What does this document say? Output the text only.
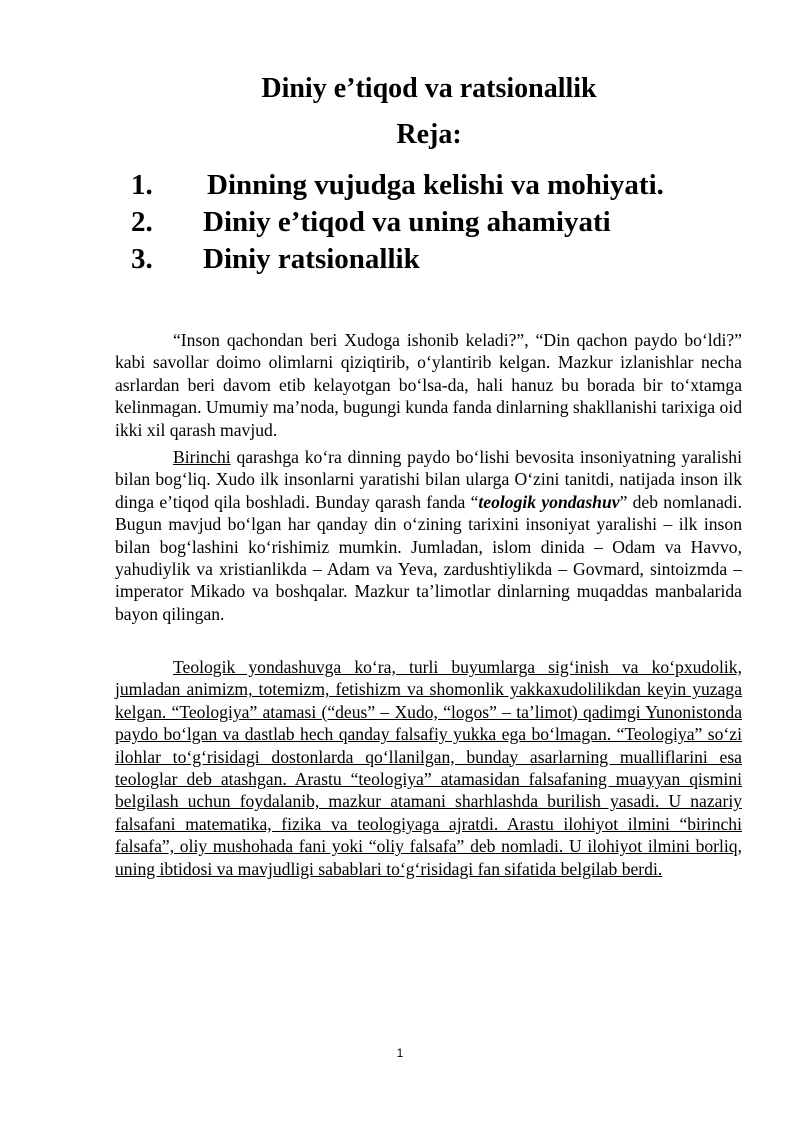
Diniy e’tiqod va ratsionallik
Reja:
1. Dinning vujudga kelishi va mohiyati.
2. Diniy e’tiqod va uning ahamiyati
3. Diniy ratsionallik

“Inson qachondan beri Xudoga ishonib keladi?”, “Din qachon paydo bo‘ldi?” kabi savollar doimo olimlarni qiziqtirib, o‘ylantirib kelgan. Mazkur izlanishlar necha asrlardan beri davom etib kelayotgan bo‘lsa-da, hali hanuz bu borada bir to‘xtamga kelinmagan. Umumiy ma’noda, bugungi kunda fanda dinlarning shakllanishi tarixiga oid ikki xil qarash mavjud.

Birinchi qarashga ko‘ra dinning paydo bo‘lishi bevosita insoniyatning yaralishi bilan bog‘liq. Xudo ilk insonlarni yaratishi bilan ularga O‘zini tanitdi, natijada inson ilk dinga e’tiqod qila boshladi. Bunday qarash fanda “teologik yondashuv” deb nomlanadi. Bugun mavjud bo‘lgan har qanday din o‘zining tarixini insoniyat yaralishi – ilk inson bilan bog‘lashini ko‘rishimiz mumkin. Jumladan, islom dinida – Odam va Havvo, yahudiylik va xristianlikda – Adam va Yeva, zardushtiylikda – Govmard, sintoizmda – imperator Mikado va boshqalar. Mazkur ta’limotlar dinlarning muqaddas manbalarida bayon qilingan.

Teologik yondashuvga ko‘ra, turli buyumlarga sig‘inish va ko‘pxudolik, jumladan animizm, totemizm, fetishizm va shomonlik yakkaxudolilikdan keyin yuzaga kelgan. “Teologiya” atamasi (“deus” – Xudo, “logos” – ta’limot) qadimgi Yunonistonda paydo bo‘lgan va dastlab hech qanday falsafiy yukka ega bo‘lmagan. “Teologiya” so‘zi ilohlar to‘g‘risidagi dostonlarda qo‘llanilgan, bunday asarlarning mualliflarini esa teologlar deb atashgan. Arastu “teologiya” atamasidan falsafaning muayyan qismini belgilash uchun foydalanib, mazkur atamani sharhlashda burilish yasadi. U nazariy falsafani matematika, fizika va teologiyaga ajratdi. Arastu ilohiyot ilmini “birinchi falsafa”, oliy mushohada fani yoki “oliy falsafa” deb nomladi. U ilohiyot ilmini borliq, uning ibtidosi va mavjudligi sabablari to‘g‘risidagi fan sifatida belgilab berdi.

1
